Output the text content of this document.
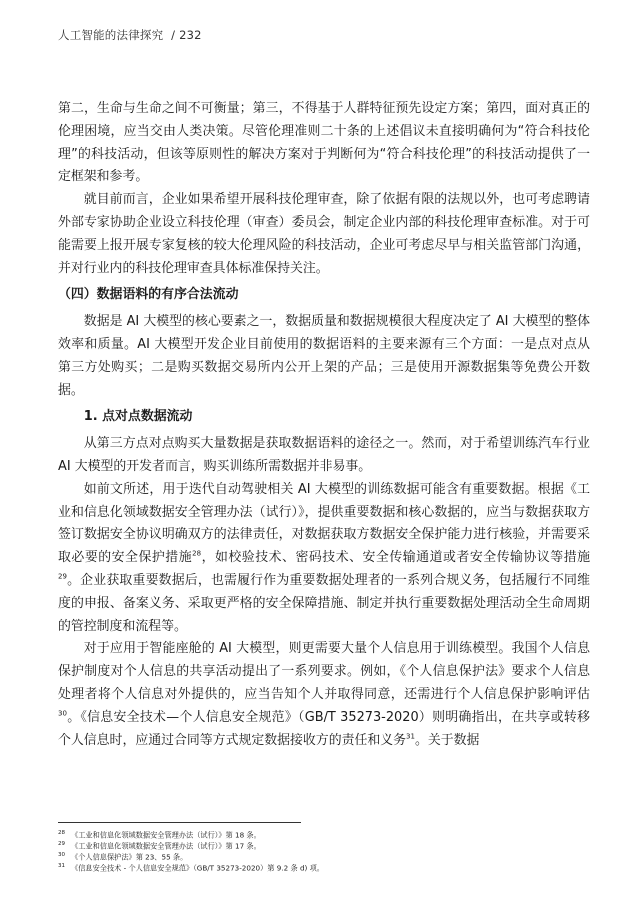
人工智能的法律探究 / 232

第二，生命与生命之间不可衡量；第三，不得基于人群特征预先设定方案；第四，面对真正的伦理困境，应当交由人类决策。尽管伦理准则二十条的上述倡议未直接明确何为“符合科技伦理”的科技活动，但该等原则性的解决方案对于判断何为“符合科技伦理”的科技活动提供了一定框架和参考。

就目前而言，企业如果希望开展科技伦理审查，除了依据有限的法规以外，也可考虑聘请外部专家协助企业设立科技伦理（审查）委员会，制定企业内部的科技伦理审查标准。对于可能需要上报开展专家复核的较大伦理风险的科技活动，企业可考虑尽早与相关监管部门沟通，并对行业内的科技伦理审查具体标准保持关注。

（四）数据语料的有序合法流动

数据是 AI 大模型的核心要素之一，数据质量和数据规模很大程度决定了 AI 大模型的整体效率和质量。AI 大模型开发企业目前使用的数据语料的主要来源有三个方面：一是点对点从第三方处购买；二是购买数据交易所内公开上架的产品；三是使用开源数据集等免费公开数据。

1. 点对点数据流动

从第三方点对点购买大量数据是获取数据语料的途径之一。然而，对于希望训练汽车行业 AI 大模型的开发者而言，购买训练所需数据并非易事。

如前文所述，用于迭代自动驾驶相关 AI 大模型的训练数据可能含有重要数据。根据《工业和信息化领域数据安全管理办法（试行）》，提供重要数据和核心数据的，应当与数据获取方签订数据安全协议明确双方的法律责任，对数据获取方数据安全保护能力进行核验，并需要采取必要的安全保护措施$^{28}$，如校验技术、密码技术、安全传输通道或者安全传输协议等措施$^{29}$。企业获取重要数据后，也需履行作为重要数据处理者的一系列合规义务，包括履行不同维度的申报、备案义务、采取更严格的安全保障措施、制定并执行重要数据处理活动全生命周期的管控制度和流程等。

对于应用于智能座舱的 AI 大模型，则更需要大量个人信息用于训练模型。我国个人信息保护制度对个人信息的共享活动提出了一系列要求。例如，《个人信息保护法》要求个人信息处理者将个人信息对外提供的，应当告知个人并取得同意，还需进行个人信息保护影响评估$^{30}$。《信息安全技术—个人信息安全规范》（GB/T 35273-2020）则明确指出，在共享或转移个人信息时，应通过合同等方式规定数据接收方的责任和义务$^{31}$。关于数据

$^{28}$ 《工业和信息化领域数据安全管理办法（试行）》第 18 条。

$^{29}$ 《工业和信息化领域数据安全管理办法（试行）》第 17 条。

$^{30}$ 《个人信息保护法》第 23、55 条。

$^{31}$ 《信息安全技术 - 个人信息安全规范》（GB/T 35273-2020）第 9.2 条 d) 项。
